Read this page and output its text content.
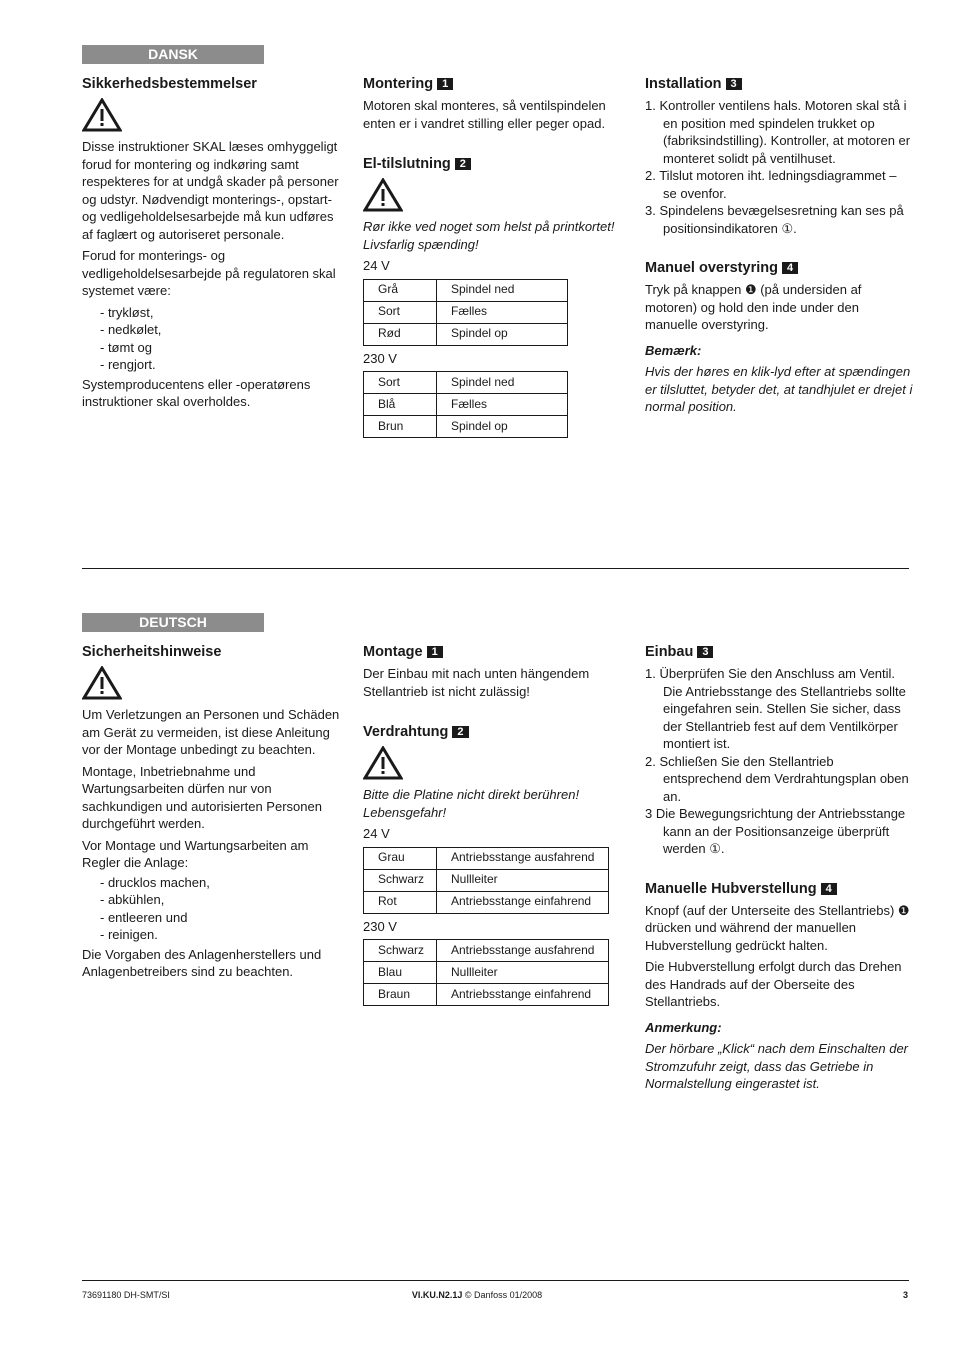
DANSK
Sikkerhedsbestemmelser

Disse instruktioner SKAL læses omhyggeligt forud for montering og indkøring samt respekteres for at undgå skader på personer og udstyr. Nødvendigt monterings-, opstart- og vedligeholdelsesarbejde må kun udføres af faglært og autoriseret personale.

Forud for monterings- og vedligeholdelsesarbejde på regulatoren skal systemet være:

- trykløst,
- nedkølet,
- tømt og
- rengjort.

Systemproducentens eller -operatørens instruktioner skal overholdes.

Montering 1

Motoren skal monteres, så ventilspindelen enten er i vandret stilling eller peger opad.

El-tilslutning 2

Rør ikke ved noget som helst på printkortet! Livsfarlig spænding!

24 V

Grå	Spindel ned
Sort	Fælles
Rød	Spindel op

230 V

Sort	Spindel ned
Blå	Fælles
Brun	Spindel op
Installation 3
1. Kontroller ventilens hals. Motoren skal stå i en position med spindelen trukket op (fabriksindstilling). Kontroller, at motoren er monteret solidt på ventilhuset.
2. Tilslut motoren iht. ledningsdiagrammet – se ovenfor.
3. Spindelens bevægelsesretning kan ses på positionsindikatoren ①.
Manuel overstyring 4

Tryk på knappen ❶ (på undersiden af motoren) og hold den inde under den manuelle overstyring.

Bemærk:

Hvis der høres en klik-lyd efter at spændingen er tilsluttet, betyder det, at tandhjulet er drejet i normal position.

DEUTSCH
Sicherheitshinweise

Um Verletzungen an Personen und Schäden am Gerät zu vermeiden, ist diese Anleitung vor der Montage unbedingt zu beachten.

Montage, Inbetriebnahme und Wartungsarbeiten dürfen nur von sachkundigen und autorisierten Personen durchgeführt werden.

Vor Montage und Wartungsarbeiten am Regler die Anlage:

- drucklos machen,
- abkühlen,
- entleeren und
- reinigen.

Die Vorgaben des Anlagenherstellers und Anlagenbetreibers sind zu beachten.

Montage 1

Der Einbau mit nach unten hängendem Stellantrieb ist nicht zulässig!

Verdrahtung 2

Bitte die Platine nicht direkt berühren! Lebensgefahr!

24 V

Grau	Antriebsstange ausfahrend
Schwarz	Nullleiter
Rot	Antriebsstange einfahrend

230 V

Schwarz	Antriebsstange ausfahrend
Blau	Nullleiter
Braun	Antriebsstange einfahrend
Einbau 3
1. Überprüfen Sie den Anschluss am Ventil. Die Antriebsstange des Stellantriebs sollte eingefahren sein. Stellen Sie sicher, dass der Stellantrieb fest auf dem Ventilkörper montiert ist.
2. Schließen Sie den Stellantrieb entsprechend dem Verdrahtungsplan oben an.
3 Die Bewegungsrichtung der Antriebsstange kann an der Positionsanzeige überprüft werden ①.
Manuelle Hubverstellung 4

Knopf (auf der Unterseite des Stellantriebs) ❶ drücken und während der manuellen Hubverstellung gedrückt halten.

Die Hubverstellung erfolgt durch das Drehen des Handrads auf der Oberseite des Stellantriebs.

Anmerkung:

Der hörbare „Klick“ nach dem Einschalten der Stromzufuhr zeigt, dass das Getriebe in Normalstellung eingerastet ist.

73691180 DH-SMT/SI	VI.KU.N2.1J © Danfoss 01/2008	3
